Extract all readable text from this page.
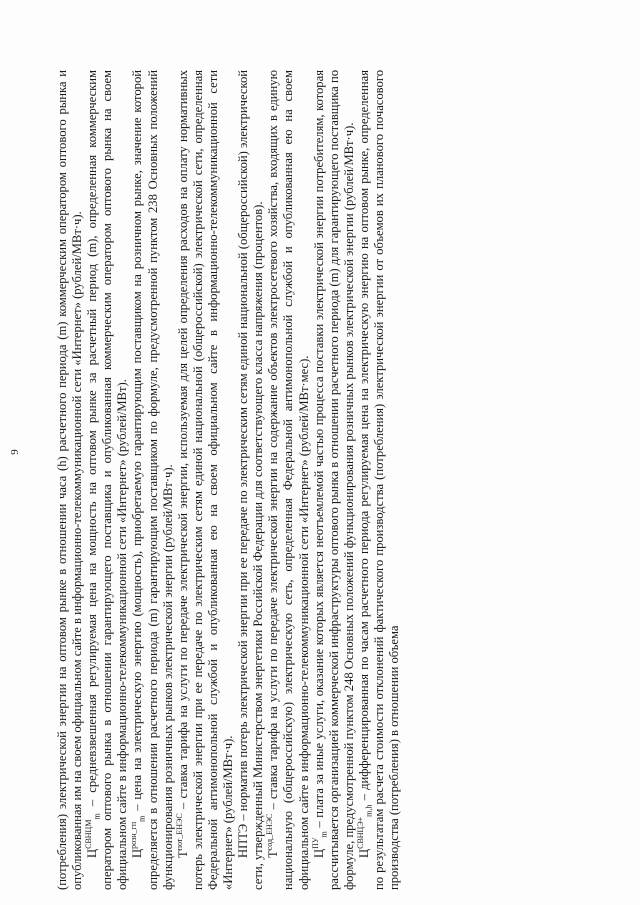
9	(потребления) электрической энергии на оптовом рынке в отношении часа (h) расчетного периода (m) коммерческим оператором оптового рынка и опубликованная им на своем официальном сайте в информационно-телекоммуникационной сети «Интернет» (рублей/МВт·ч). $Ц^{СВНЦМ}_m$ – средневзвешенная регулируемая цена на мощность на оптовом рынке за расчетный период (m), определенная коммерческим оператором оптового рынка в отношении гарантирующего поставщика и опубликованная коммерческим оператором оптового рынка на своем официальном сайте в информационно-телекоммуникационной сети «Интернет» (рублей/МВт). $Ц^{розн\_гп}_m$ – цена на электрическую энергию (мощность), приобретаемую гарантирующим поставщиком на розничном рынке, значение которой определяется в отношении расчетного периода (m) гарантирующим поставщиком по формуле, предусмотренной пунктом 238 Основных положений функционирования розничных рынков электрической энергии (рублей/МВт·ч). $T^{пот\_ЕНЭС}$ – ставка тарифа на услуги по передаче электрической энергии, используемая для целей определения расходов на оплату нормативных потерь электрической энергии при ее передаче по электрическим сетям единой национальной (общероссийской) электрической сети, определенная Федеральной антимонопольной службой и опубликованная ею на своем официальном сайте в информационно-телекоммуникационной сети «Интернет» (рублей/МВт·ч). НПТЭ – норматив потерь электрической энергии при ее передаче по электрическим сетям единой национальной (общероссийской) электрической сети, утвержденный Министерством энергетики Российской Федерации для соответствующего класса напряжения (процентов). $T^{сод\_ЕНЭС}$ – ставка тарифа на услуги по передаче электрической энергии на содержание объектов электросетевого хозяйства, входящих в единую национальную (общероссийскую) электрическую сеть, определенная Федеральной антимонопольной службой и опубликованная ею на своем официальном сайте в информационно-телекоммуникационной сети «Интернет» (рублей/МВт·мес). $Ц^{ПУ}_m$ – плата за иные услуги, оказание которых является неотъемлемой частью процесса поставки электрической энергии потребителям, которая рассчитывается организацией коммерческой инфраструктуры оптового рынка в отношении расчетного периода (m) для гарантирующего поставщика по формуле, предусмотренной пунктом 248 Основных положений функционирования розничных рынков электрической энергии (рублей/МВт·ч). $Ц^{СВНЦЭ+}_{m,h}$ – дифференцированная по часам расчетного периода регулируемая цена на электрическую энергию на оптовом рынке, определенная по результатам расчета стоимости отклонений фактического производства (потребления) электрической энергии от объемов их планового почасового производства (потребления) в отношении объема
